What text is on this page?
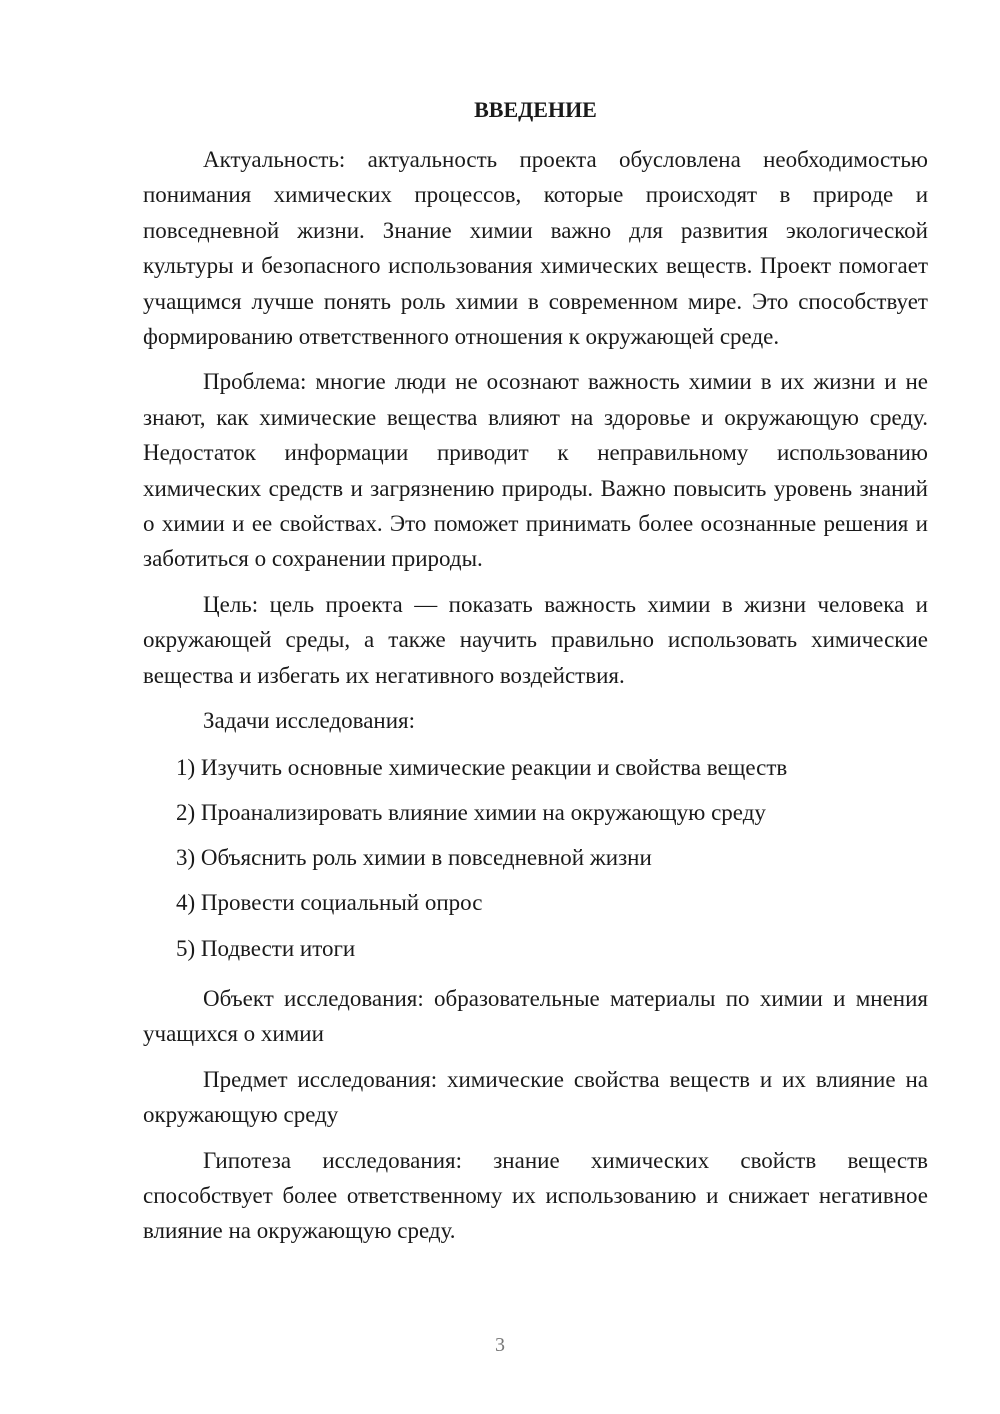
ВВЕДЕНИЕ

Актуальность: актуальность проекта обусловлена необходимостью понимания химических процессов, которые происходят в природе и повседневной жизни. Знание химии важно для развития экологической культуры и безопасного использования химических веществ. Проект помогает учащимся лучше понять роль химии в современном мире. Это способствует формированию ответственного отношения к окружающей среде.

Проблема: многие люди не осознают важность химии в их жизни и не знают, как химические вещества влияют на здоровье и окружающую среду. Недостаток информации приводит к неправильному использованию химических средств и загрязнению природы. Важно повысить уровень знаний о химии и ее свойствах. Это поможет принимать более осознанные решения и заботиться о сохранении природы.

Цель: цель проекта — показать важность химии в жизни человека и окружающей среды, а также научить правильно использовать химические вещества и избегать их негативного воздействия.

Задачи исследования:

1) Изучить основные химические реакции и свойства веществ
2) Проанализировать влияние химии на окружающую среду
3) Объяснить роль химии в повседневной жизни
4) Провести социальный опрос
5) Подвести итоги

Объект исследования: образовательные материалы по химии и мнения учащихся о химии

Предмет исследования: химические свойства веществ и их влияние на окружающую среду

Гипотеза исследования: знание химических свойств веществ способствует более ответственному их использованию и снижает негативное влияние на окружающую среду.

3
